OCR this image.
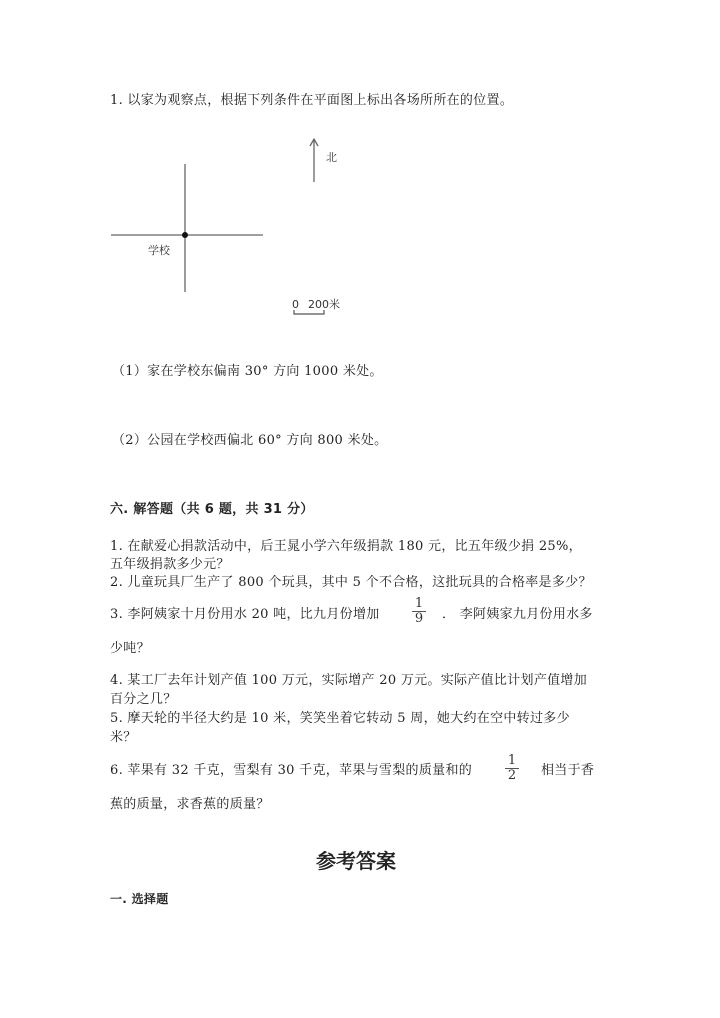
1. 以家为观察点，根据下列条件在平面图上标出各场所所在的位置。
学校
北
0 200米
（1）家在学校东偏南 30° 方向 1000 米处。
（2）公园在学校西偏北 60° 方向 800 米处。
六. 解答题（共 6 题，共 31 分）
1. 在献爱心捐款活动中，后王晁小学六年级捐款 180 元，比五年级少捐 25%，
五年级捐款多少元？
2. 儿童玩具厂生产了 800 个玩具，其中 5 个不合格，这批玩具的合格率是多少？
3. 李阿姨家十月份用水 20 吨，比九月份增加 $\frac{1}{9}$ ． 李阿姨家九月份用水多
少吨？
4. 某工厂去年计划产值 100 万元，实际增产 20 万元。实际产值比计划产值增加
百分之几？
5. 摩天轮的半径大约是 10 米，笑笑坐着它转动 5 周，她大约在空中转过多少
米？
6. 苹果有 32 千克，雪梨有 30 千克，苹果与雪梨的质量和的	$\frac{1}{2}$ 相当于香
蕉的质量，求香蕉的质量？
参考答案
一. 选择题
